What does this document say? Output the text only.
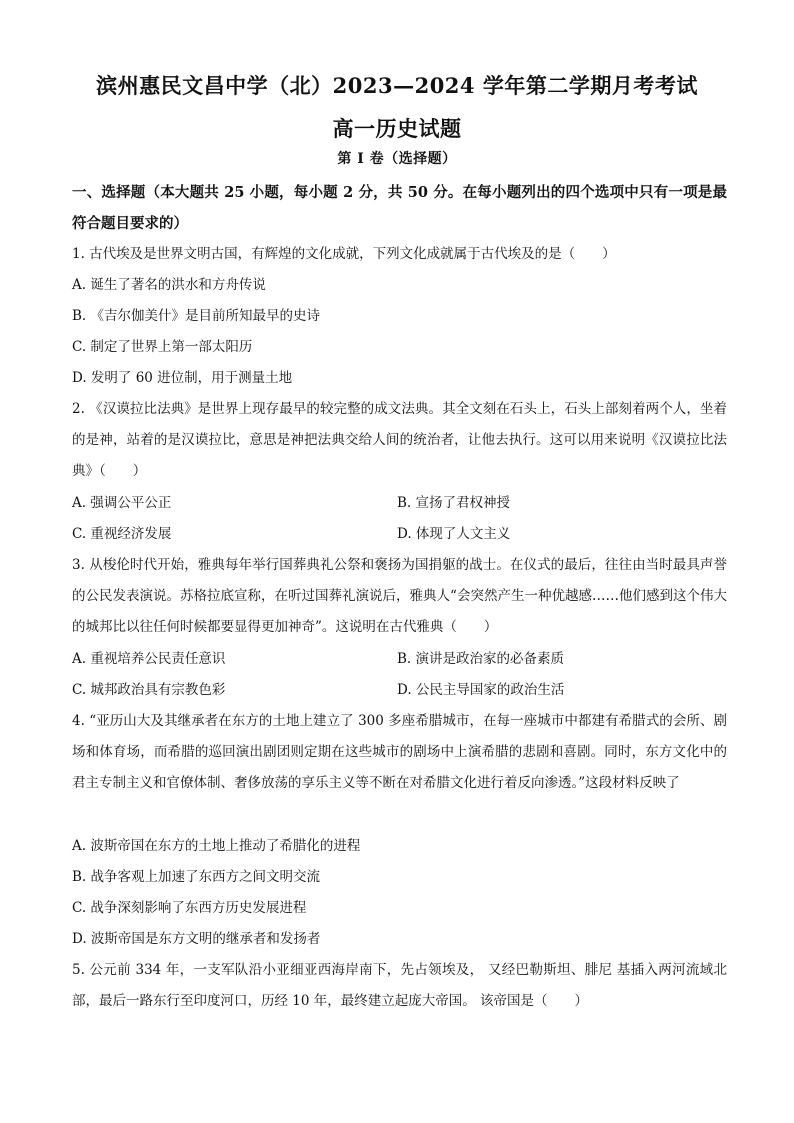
滨州惠民文昌中学（北）2023—2024 学年第二学期月考考试
高一历史试题
第 I 卷（选择题）
一、选择题（本大题共 25 小题，每小题 2 分，共 50 分。在每小题列出的四个选项中只有一项是最符合题目要求的）
1. 古代埃及是世界文明古国，有辉煌的文化成就，下列文化成就属于古代埃及的是（　　）
A. 诞生了著名的洪水和方舟传说
B. 《吉尔伽美什》是目前所知最早的史诗
C. 制定了世界上第一部太阳历
D. 发明了 60 进位制，用于测量土地
2. 《汉谟拉比法典》是世界上现存最早的较完整的成文法典。其全文刻在石头上，石头上部刻着两个人，坐着的是神，站着的是汉谟拉比，意思是神把法典交给人间的统治者，让他去执行。这可以用来说明《汉谟拉比法典》（　　）
A. 强调公平公正	B. 宣扬了君权神授
C. 重视经济发展	D. 体现了人文主义
3. 从梭伦时代开始，雅典每年举行国葬典礼公祭和褒扬为国捐躯的战士。在仪式的最后，往往由当时最具声誉的公民发表演说。苏格拉底宣称，在听过国葬礼演说后，雅典人“会突然产生一种优越感……他们感到这个伟大的城邦比以往任何时候都要显得更加神奇”。这说明在古代雅典（　　）
A. 重视培养公民责任意识	B. 演讲是政治家的必备素质
C. 城邦政治具有宗教色彩	D. 公民主导国家的政治生活
4. “亚历山大及其继承者在东方的土地上建立了 300 多座希腊城市，在每一座城市中都建有希腊式的会所、剧场和体育场，而希腊的巡回演出剧团则定期在这些城市的剧场中上演希腊的悲剧和喜剧。同时，东方文化中的君主专制主义和官僚体制、奢侈放荡的享乐主义等不断在对希腊文化进行着反向渗透。”这段材料反映了
A. 波斯帝国在东方的土地上推动了希腊化的进程
B. 战争客观上加速了东西方之间文明交流
C. 战争深刻影响了东西方历史发展进程
D. 波斯帝国是东方文明的继承者和发扬者
5. 公元前 334 年，一支军队沿小亚细亚西海岸南下，先占领埃及， 又经巴勒斯坦、腓尼 基插入两河流域北部，最后一路东行至印度河口，历经 10 年，最终建立起庞大帝国。 该帝国是（　　）
